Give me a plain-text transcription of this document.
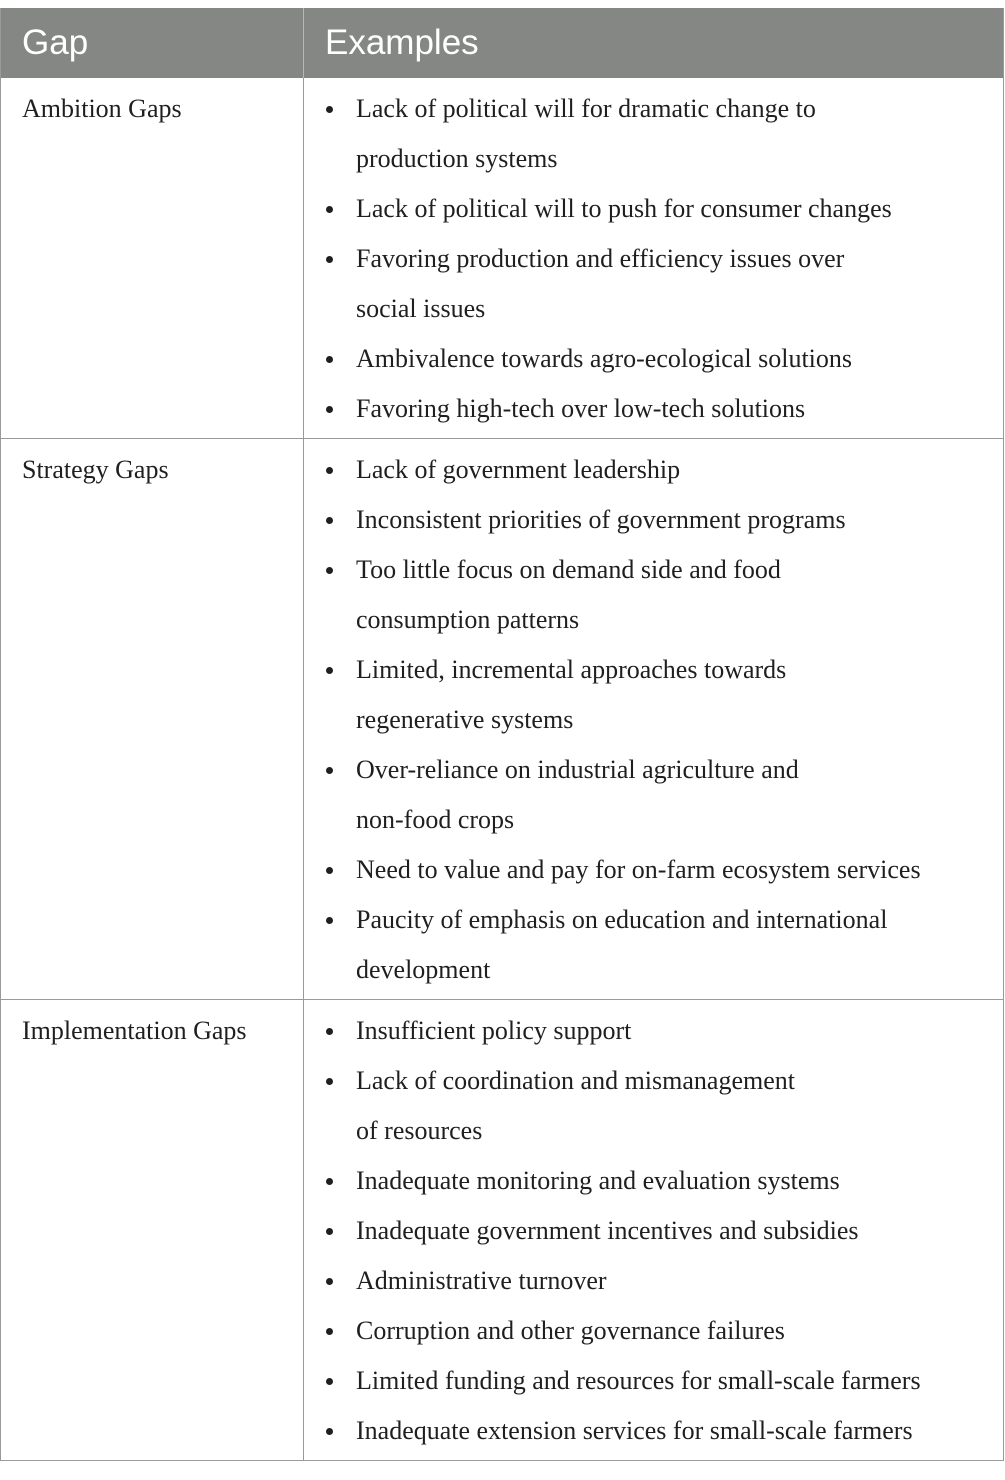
Gap	Examples
Ambition Gaps	Lack of political will for dramatic change to
production systems
Lack of political will to push for consumer changes
Favoring production and efficiency issues over
social issues
Ambivalence towards agro-ecological solutions
Favoring high-tech over low-tech solutions
Strategy Gaps	Lack of government leadership
Inconsistent priorities of government programs
Too little focus on demand side and food
consumption patterns
Limited, incremental approaches towards
regenerative systems
Over-reliance on industrial agriculture and
non-food crops
Need to value and pay for on-farm ecosystem services
Paucity of emphasis on education and international
development
Implementation Gaps	Insufficient policy support
Lack of coordination and mismanagement
of resources
Inadequate monitoring and evaluation systems
Inadequate government incentives and subsidies
Administrative turnover
Corruption and other governance failures
Limited funding and resources for small-scale farmers
Inadequate extension services for small-scale farmers
